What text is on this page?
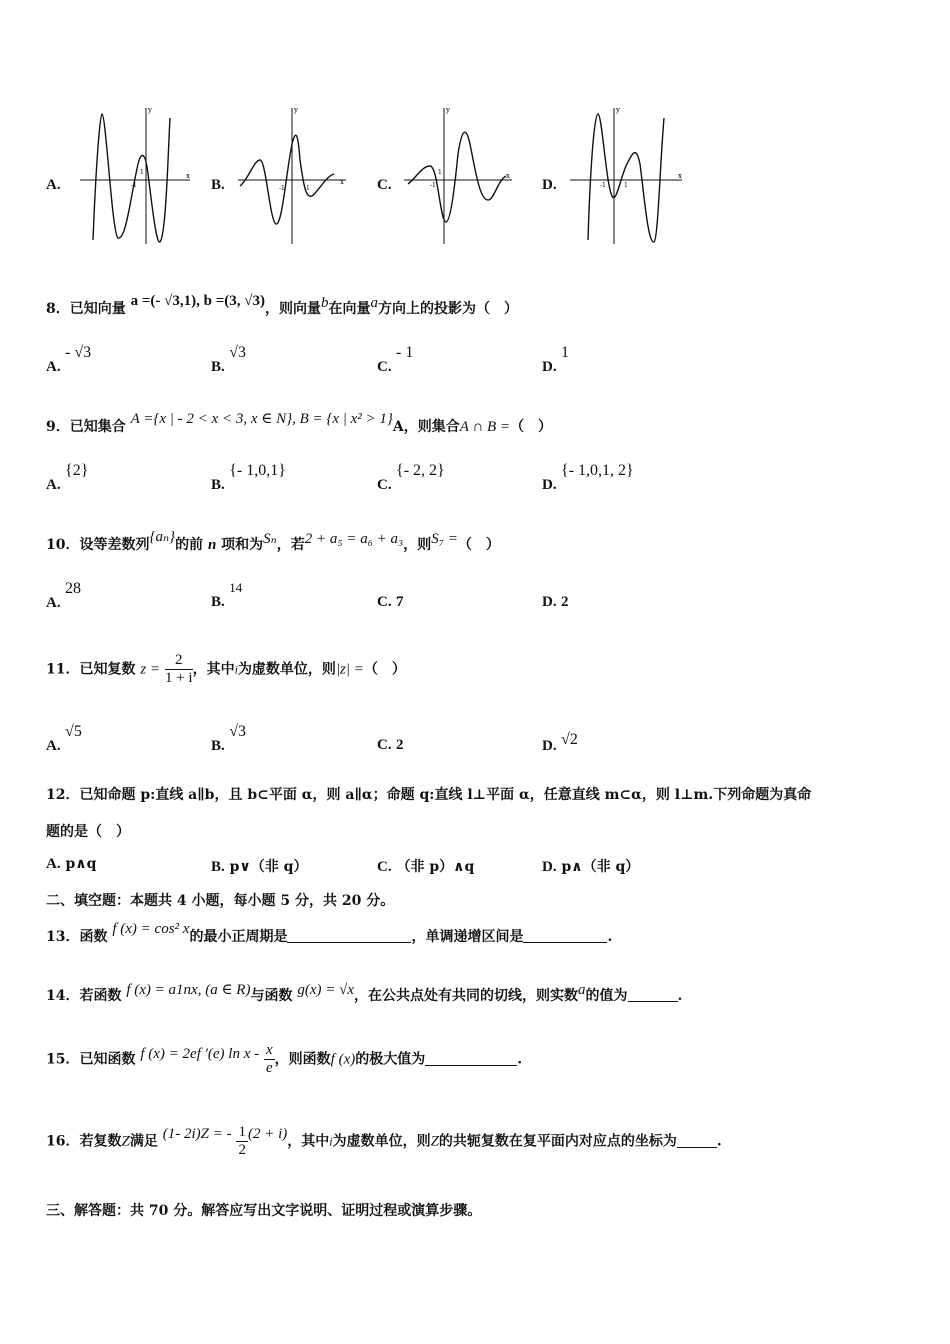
A.
x
y
-1
1
B.	x
y
-1	1	C.
x
y
-1
1
D.
x
y
-1	1
8．已知向量 a =(- √3,1), b =(3, √3)，则向量b在向量a方向上的投影为（　）
A. - √3
B. √3
C. - 1
D. 1
9．已知集合 A ={x | - 2 < x < 3, x ∈ N}, B = {x | x² > 1}A，则集合A ∩ B =（　）
A. {2}
B. {- 1,0,1}
C. {- 2, 2}
D. {- 1,0,1, 2}
10．设等差数列{aₙ}的前 n 项和为Sₙ，若2 + a₅ = a₆ + a₃，则S₇ =（　）
A. 28
B. 14
C. 7	D. 2
11．已知复数 $z = \frac{2}{1 + i}$ ，其中i为虚数单位，则|z| =（　）
A. √5
B. √3
C. 2	D. √2
12．已知命题 p:直线 a∥b，且 b⊂平面 α，则 a∥α；命题 q:直线 l⊥平面 α，任意直线 m⊂α，则 l⊥m.下列命题为真命
题的是（　）
A. p∧q	B. p∨（非 q）	C. （非 p）∧q	D. p∧（非 q）
二、填空题：本题共 4 小题，每小题 5 分，共 20 分。
13．函数 f (x) = cos² x的最小正周期是	，单调递增区间是	.
14．若函数 f (x) = a1nx, (a ∈ R)与函数 g(x) = √x，在公共点处有共同的切线，则实数a的值为	.
15．已知函数 f (x) = 2ef ′(e) ln x - $\frac{x}{e}$ ，则函数f (x)的极大值为	.
16．若复数Z满足 (1- 2i)Z = - $\frac{1}{2} (2 + i)$，其中i为虚数单位，则Z的共轭复数在复平面内对应点的坐标为	.
三、解答题：共 70 分。解答应写出文字说明、证明过程或演算步骤。
